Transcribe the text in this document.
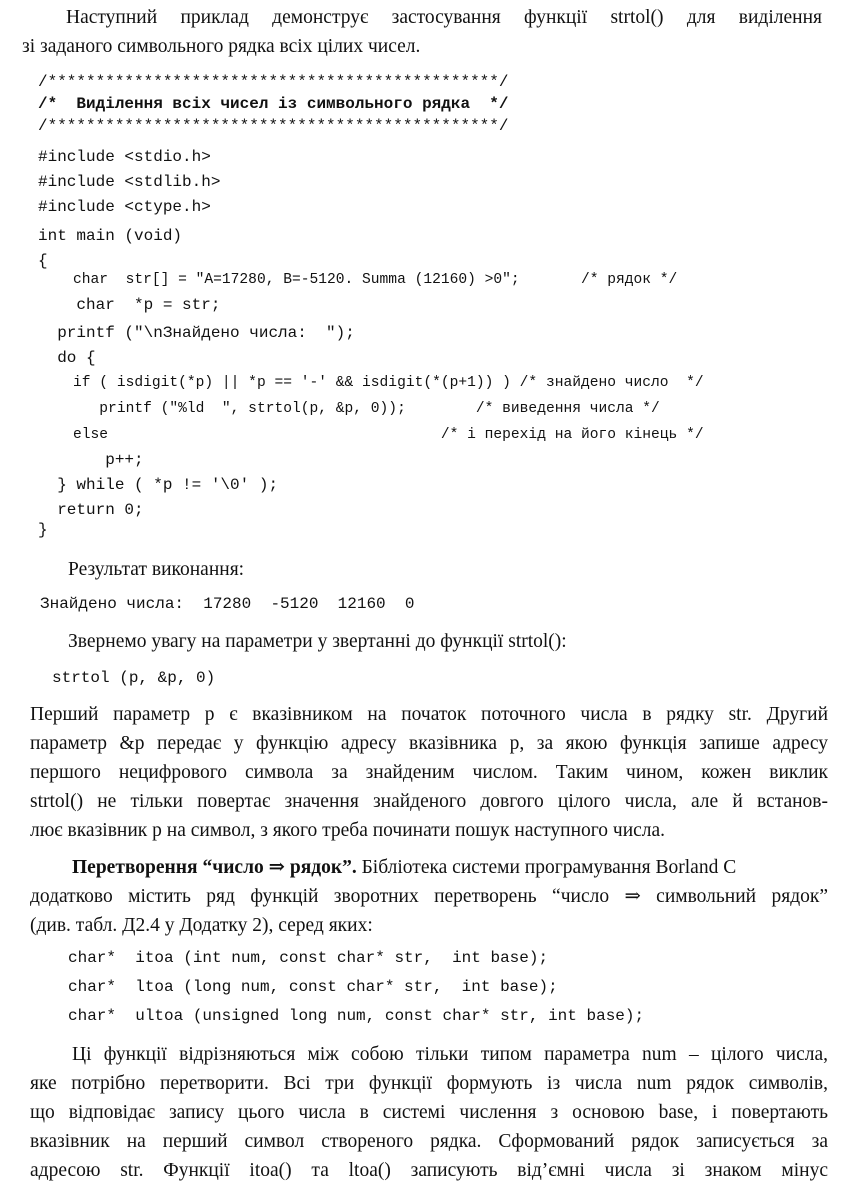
Наступний приклад демонструє застосування функції strtol() для виділення
зі заданого символьного рядка всіх цілих чисел.
/***********************************************/
/*  Виділення всіх чисел із символьного рядка  */
/***********************************************/
#include <stdio.h>
#include <stdlib.h>
#include <ctype.h>
int main (void)
{
char  str[] = "A=17280, B=-5120. Summa (12160) >0";       /* рядок */
char  *p = str;
printf ("\nЗнайдено числа:  ");
do {
if ( isdigit(*p) || *p == '-' && isdigit(*(p+1)) ) /* знайдено число  */
printf ("%ld  ", strtol(p, &p, 0));        /* виведення числа */
else                                      /* і перехід на його кінець */
p++;
} while ( *p != '\0' );
return 0;
}
Результат виконання:
Знайдено числа:  17280  -5120  12160  0
Звернемо увагу на параметри у звертанні до функції strtol():
strtol (p, &p, 0)
Перший параметр p є вказівником на початок поточного числа в рядку str. Другий
параметр &p передає у функцію адресу вказівника p, за якою функція запише адресу
першого нецифрового символа за знайденим числом. Таким чином, кожен виклик
strtol() не тільки повертає значення знайденого довгого цілого числа, але й встанов-
лює вказівник p на символ, з якого треба починати пошук наступного числа.
Перетворення “число ⇒ рядок”. Бібліотека системи програмування Borland C
додатково містить ряд функцій зворотних перетворень “число ⇒ символьний рядок”
(див. табл. Д2.4 у Додатку 2), серед яких:
char*  itoa (int num, const char* str,  int base);
char*  ltoa (long num, const char* str,  int base);
char*  ultoa (unsigned long num, const char* str, int base);
Ці функції відрізняються між собою тільки типом параметра num – цілого числа,
яке потрібно перетворити. Всі три функції формують із числа num рядок символів,
що відповідає запису цього числа в системі числення з основою base, і повертають
вказівник на перший символ створеного рядка. Сформований рядок записується за
адресою str. Функції itoa() та ltoa() записують від’ємні числа зі знаком мінус
